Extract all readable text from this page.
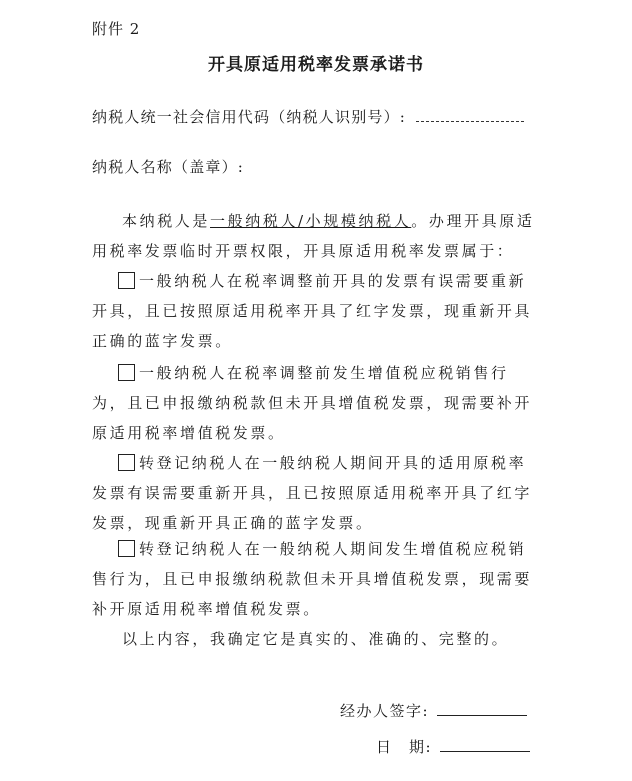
附件 2
开具原适用税率发票承诺书
纳税人统一社会信用代码（纳税人识别号）:
纳税人名称（盖章）:
本纳税人是一般纳税人/小规模纳税人。办理开具原适用税率发票临时开票权限，开具原适用税率发票属于：
一般纳税人在税率调整前开具的发票有误需要重新开具，且已按照原适用税率开具了红字发票，现重新开具正确的蓝字发票。
一般纳税人在税率调整前发生增值税应税销售行为，且已申报缴纳税款但未开具增值税发票，现需要补开原适用税率增值税发票。
转登记纳税人在一般纳税人期间开具的适用原税率发票有误需要重新开具，且已按照原适用税率开具了红字发票，现重新开具正确的蓝字发票。
转登记纳税人在一般纳税人期间发生增值税应税销售行为，且已申报缴纳税款但未开具增值税发票，现需要补开原适用税率增值税发票。
以上内容，我确定它是真实的、准确的、完整的。
经办人签字:
日　期:
